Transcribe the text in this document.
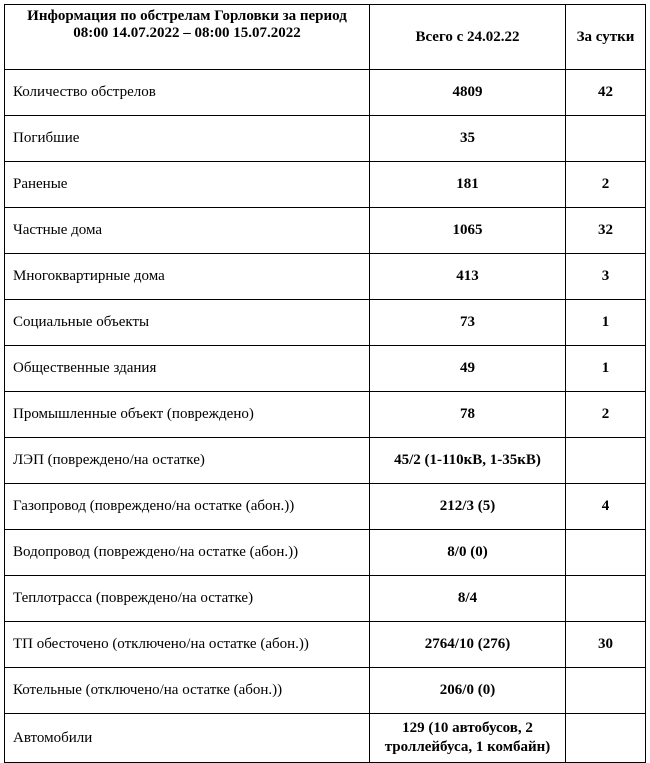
Информация по обстрелам Горловки за период
08:00 14.07.2022 – 08:00 15.07.2022	Всего с 24.02.22	За сутки
Количество обстрелов	4809	42
Погибшие	35	
Раненые	181	2
Частные дома	1065	32
Многоквартирные дома	413	3
Социальные объекты	73	1
Общественные здания	49	1
Промышленные объект (повреждено)	78	2
ЛЭП (повреждено/на остатке)	45/2 (1-110кВ, 1-35кВ)	
Газопровод (повреждено/на остатке (абон.))	212/3 (5)	4
Водопровод (повреждено/на остатке (абон.))	8/0 (0)	
Теплотрасса (повреждено/на остатке)	8/4	
ТП обесточено (отключено/на остатке (абон.))	2764/10 (276)	30
Котельные (отключено/на остатке (абон.))	206/0 (0)	
Автомобили	129 (10 автобусов, 2
троллейбуса, 1 комбайн)	
